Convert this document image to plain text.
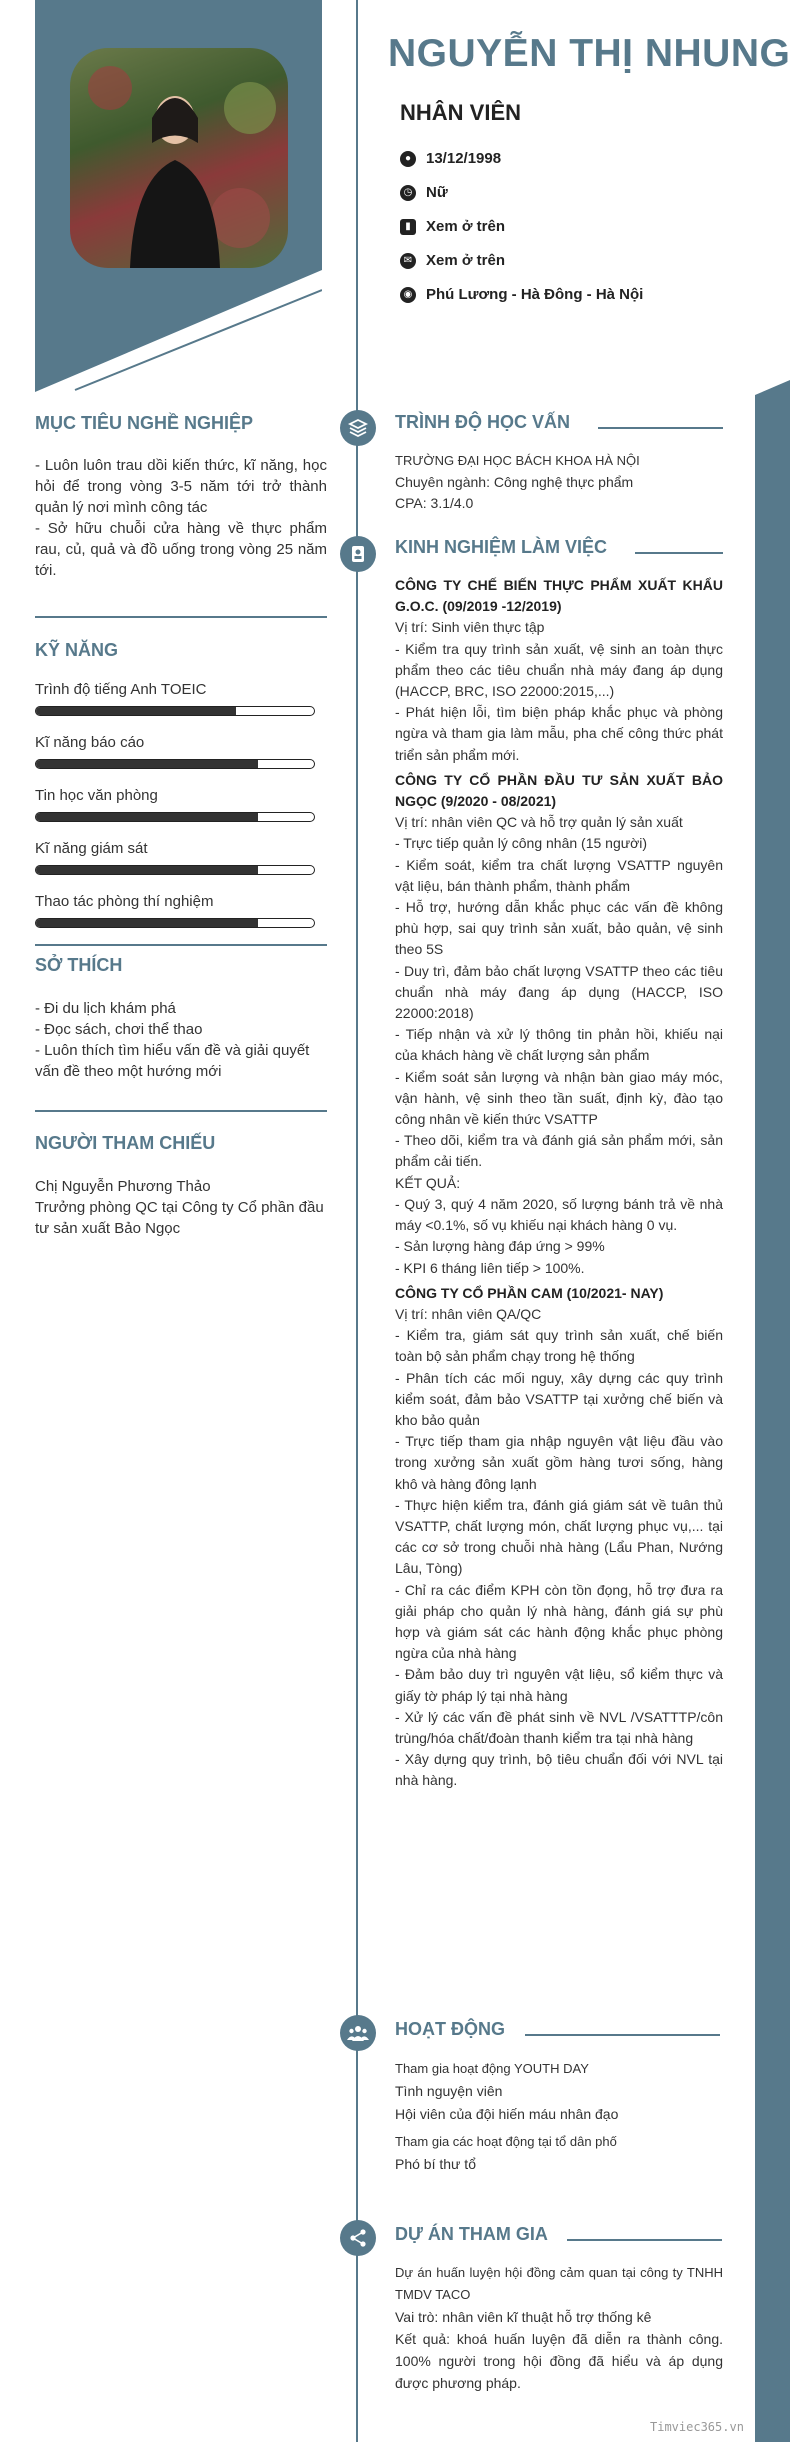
NGUYỄN THỊ NHUNG
NHÂN VIÊN
● 13/12/1998
◷ Nữ
▮	Xem ở trên
✉ Xem ở trên
◉ Phú Lương - Hà Đông - Hà Nội
MỤC TIÊU NGHỀ NGHIỆP
- Luôn luôn trau dồi kiến thức, kĩ năng, học hỏi để trong vòng 3-5 năm tới trở thành quản lý nơi mình công tác
- Sở hữu chuỗi cửa hàng về thực phẩm rau, củ, quả và đồ uống trong vòng 25 năm tới.
KỸ NĂNG
Trình độ tiếng Anh TOEIC
Kĩ năng báo cáo
Tin học văn phòng
Kĩ năng giám sát
Thao tác phòng thí nghiệm
SỞ THÍCH
- Đi du lịch khám phá
- Đọc sách, chơi thể thao
- Luôn thích tìm hiểu vấn đề và giải quyết vấn đề theo một hướng mới
NGƯỜI THAM CHIẾU
Chị Nguyễn Phương Thảo
Trưởng phòng QC tại Công ty Cổ phần đầu tư sản xuất Bảo Ngọc
TRÌNH ĐỘ HỌC VẤN

TRƯỜNG ĐẠI HỌC BÁCH KHOA HÀ NỘI

Chuyên ngành: Công nghệ thực phẩm

CPA: 3.1/4.0

KINH NGHIỆM LÀM VIỆC

CÔNG TY CHẾ BIẾN THỰC PHẨM XUẤT KHẨU G.O.C. (09/2019 -12/2019)

Vị trí: Sinh viên thực tập

- Kiểm tra quy trình sản xuất, vệ sinh an toàn thực phẩm theo các tiêu chuẩn nhà máy đang áp dụng (HACCP, BRC, ISO 22000:2015,...)

- Phát hiện lỗi, tìm biện pháp khắc phục và phòng ngừa và tham gia làm mẫu, pha chế công thức phát triển sản phẩm mới.

CÔNG TY CỔ PHẦN ĐẦU TƯ SẢN XUẤT BẢO NGỌC (9/2020 - 08/2021)

Vị trí: nhân viên QC và hỗ trợ quản lý sản xuất

- Trực tiếp quản lý công nhân (15 người)

- Kiểm soát, kiểm tra chất lượng VSATTP nguyên vật liệu, bán thành phẩm, thành phẩm

- Hỗ trợ, hướng dẫn khắc phục các vấn đề không phù hợp, sai quy trình sản xuất, bảo quản, vệ sinh theo 5S

- Duy trì, đảm bảo chất lượng VSATTP theo các tiêu chuẩn nhà máy đang áp dụng (HACCP, ISO 22000:2018)

- Tiếp nhận và xử lý thông tin phản hồi, khiếu nại của khách hàng về chất lượng sản phẩm

- Kiểm soát sản lượng và nhận bàn giao máy móc, vận hành, vệ sinh theo tần suất, định kỳ, đào tạo công nhân về kiến thức VSATTP

- Theo dõi, kiểm tra và đánh giá sản phẩm mới, sản phẩm cải tiến.

KẾT QUẢ:

- Quý 3, quý 4 năm 2020, số lượng bánh trả về nhà máy <0.1%, số vụ khiếu nại khách hàng 0 vụ.

- Sản lượng hàng đáp ứng > 99%

- KPI 6 tháng liên tiếp > 100%.

CÔNG TY CỔ PHẦN CAM (10/2021- NAY)

Vị trí: nhân viên QA/QC

- Kiểm tra, giám sát quy trình sản xuất, chế biến toàn bộ sản phẩm chạy trong hệ thống

- Phân tích các mối nguy, xây dựng các quy trình kiểm soát, đảm bảo VSATTP tại xưởng chế biến và kho bảo quản

- Trực tiếp tham gia nhập nguyên vật liệu đầu vào trong xưởng sản xuất gồm hàng tươi sống, hàng khô và hàng đông lạnh

- Thực hiện kiểm tra, đánh giá giám sát về tuân thủ VSATTP, chất lượng món, chất lượng phục vụ,... tại các cơ sở trong chuỗi nhà hàng (Lẩu Phan, Nướng Lâu, Tòng)

- Chỉ ra các điểm KPH còn tồn đọng, hỗ trợ đưa ra giải pháp cho quản lý nhà hàng, đánh giá sự phù hợp và giám sát các hành động khắc phục phòng ngừa của nhà hàng

- Đảm bảo duy trì nguyên vật liệu, sổ kiểm thực và giấy tờ pháp lý tại nhà hàng

- Xử lý các vấn đề phát sinh về NVL /VSATTTP/côn trùng/hóa chất/đoàn thanh kiểm tra tại nhà hàng

- Xây dựng quy trình, bộ tiêu chuẩn đối với NVL tại nhà hàng.

HOẠT ĐỘNG

Tham gia hoạt động YOUTH DAY

Tình nguyện viên

Hội viên của đội hiến máu nhân đạo

Tham gia các hoạt động tại tổ dân phố

Phó bí thư tổ

DỰ ÁN THAM GIA

Dự án huấn luyện hội đồng cảm quan tại công ty TNHH TMDV TACO

Vai trò: nhân viên kĩ thuật hỗ trợ thống kê

Kết quả: khoá huấn luyện đã diễn ra thành công. 100% người trong hội đồng đã hiểu và áp dụng được phương pháp.

Timviec365.vn
